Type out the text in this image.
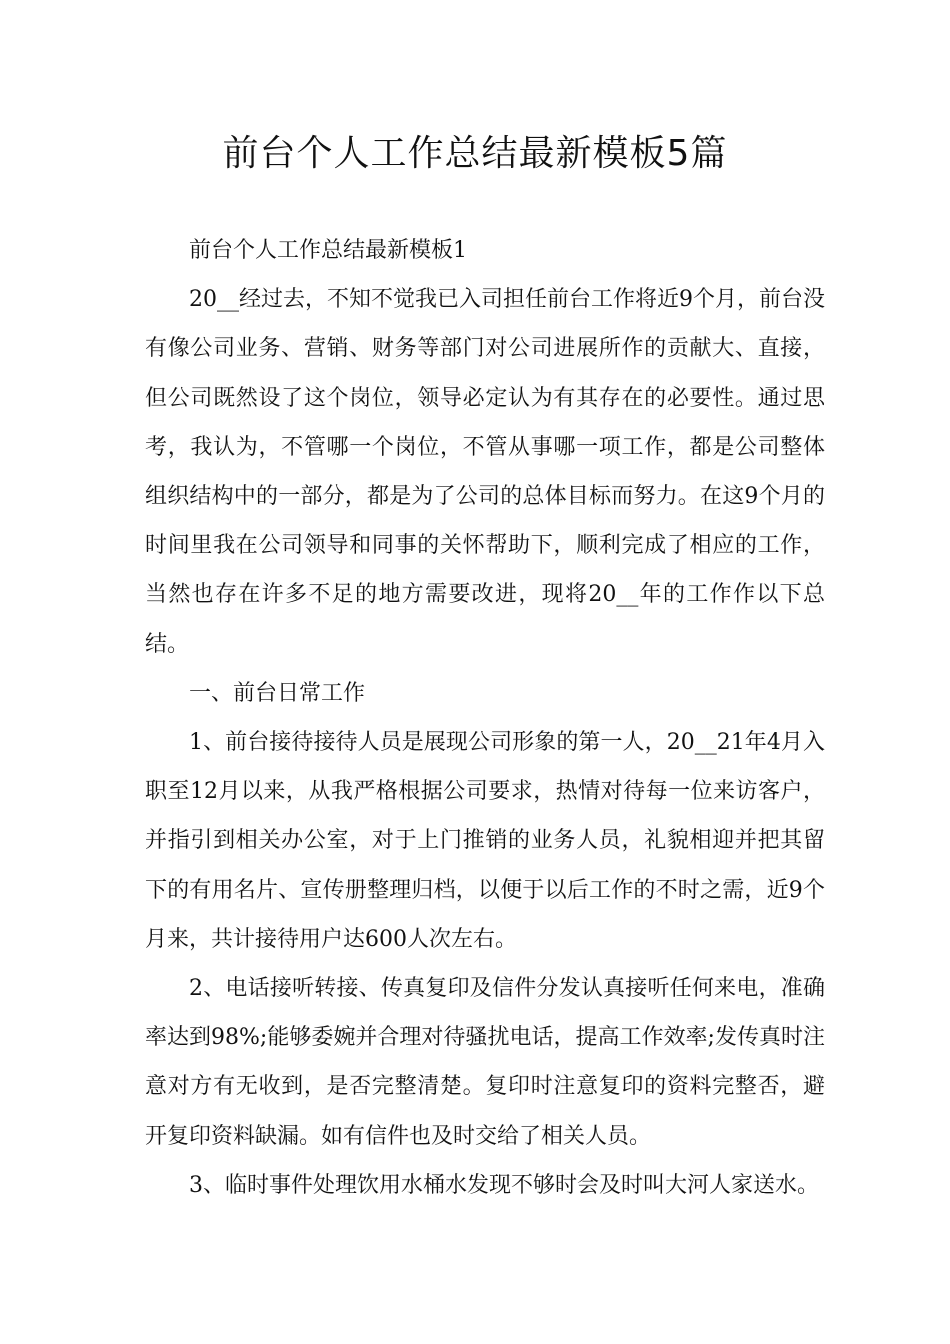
前台个人工作总结最新模板5篇

前台个人工作总结最新模板1

20__经过去，不知不觉我已入司担任前台工作将近9个月，前台没有像公司业务、营销、财务等部门对公司进展所作的贡献大、直接，但公司既然设了这个岗位，领导必定认为有其存在的必要性。通过思考，我认为，不管哪一个岗位，不管从事哪一项工作，都是公司整体组织结构中的一部分，都是为了公司的总体目标而努力。在这9个月的时间里我在公司领导和同事的关怀帮助下，顺利完成了相应的工作，当然也存在许多不足的地方需要改进，现将20__年的工作作以下总结。

一、前台日常工作

1、前台接待接待人员是展现公司形象的第一人，20__21年4月入职至12月以来，从我严格根据公司要求，热情对待每一位来访客户，并指引到相关办公室，对于上门推销的业务人员，礼貌相迎并把其留下的有用名片、宣传册整理归档，以便于以后工作的不时之需，近9个月来，共计接待用户达600人次左右。

2、电话接听转接、传真复印及信件分发认真接听任何来电，准确率达到98%;能够委婉并合理对待骚扰电话，提高工作效率;发传真时注意对方有无收到，是否完整清楚。复印时注意复印的资料完整否，避开复印资料缺漏。如有信件也及时交给了相关人员。

3、临时事件处理饮用水桶水发现不够时会及时叫大河人家送水。
